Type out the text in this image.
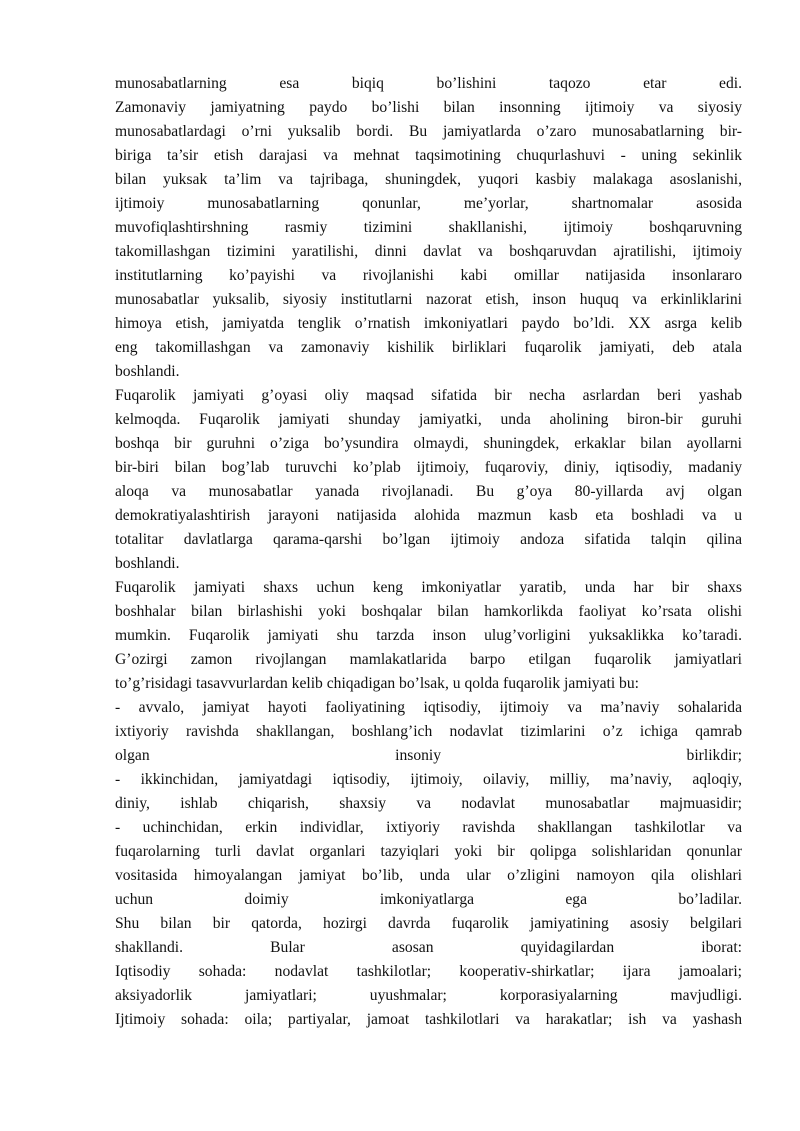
munosabatlarning esa biqiq bo’lishini taqozo etar edi.
Zamonaviy jamiyatning paydo bo’lishi bilan insonning ijtimoiy va siyosiy
munosabatlardagi o’rni yuksalib bordi. Bu jamiyatlarda o’zaro munosabatlarning bir-
biriga ta’sir etish darajasi va mehnat taqsimotining chuqurlashuvi - uning sekinlik
bilan yuksak ta’lim va tajribaga, shuningdek, yuqori kasbiy malakaga asoslanishi,
ijtimoiy munosabatlarning qonunlar, me’yorlar, shartnomalar asosida
muvofiqlashtirshning rasmiy tizimini shakllanishi, ijtimoiy boshqaruvning
takomillashgan tizimini yaratilishi, dinni davlat va boshqaruvdan ajratilishi, ijtimoiy
institutlarning ko’payishi va rivojlanishi kabi omillar natijasida insonlararo
munosabatlar yuksalib, siyosiy institutlarni nazorat etish, inson huquq va erkinliklarini
himoya etish, jamiyatda tenglik o’rnatish imkoniyatlari paydo bo’ldi. XX asrga kelib
eng takomillashgan va zamonaviy kishilik birliklari fuqarolik jamiyati, deb atala
boshlandi.
Fuqarolik jamiyati g’oyasi oliy maqsad sifatida bir necha asrlardan beri yashab
kelmoqda. Fuqarolik jamiyati shunday jamiyatki, unda aholining biron-bir guruhi
boshqa bir guruhni o’ziga bo’ysundira olmaydi, shuningdek, erkaklar bilan ayollarni
bir-biri bilan bog’lab turuvchi ko’plab ijtimoiy, fuqaroviy, diniy, iqtisodiy, madaniy
aloqa va munosabatlar yanada rivojlanadi. Bu g’oya 80-yillarda avj olgan
demokratiyalashtirish jarayoni natijasida alohida mazmun kasb eta boshladi va u
totalitar davlatlarga qarama-qarshi bo’lgan ijtimoiy andoza sifatida talqin qilina
boshlandi.
Fuqarolik jamiyati shaxs uchun keng imkoniyatlar yaratib, unda har bir shaxs
boshhalar bilan birlashishi yoki boshqalar bilan hamkorlikda faoliyat ko’rsata olishi
mumkin. Fuqarolik jamiyati shu tarzda inson ulug’vorligini yuksaklikka ko’taradi.
G’ozirgi zamon rivojlangan mamlakatlarida barpo etilgan fuqarolik jamiyatlari
to’g’risidagi tasavvurlardan kelib chiqadigan bo’lsak, u qolda fuqarolik jamiyati bu:
- avvalo, jamiyat hayoti faoliyatining iqtisodiy, ijtimoiy va ma’naviy sohalarida
ixtiyoriy ravishda shakllangan, boshlang’ich nodavlat tizimlarini o’z ichiga qamrab
olgan insoniy birlikdir;
- ikkinchidan, jamiyatdagi iqtisodiy, ijtimoiy, oilaviy, milliy, ma’naviy, aqloqiy,
diniy, ishlab chiqarish, shaxsiy va nodavlat munosabatlar majmuasidir;
- uchinchidan, erkin individlar, ixtiyoriy ravishda shakllangan tashkilotlar va
fuqarolarning turli davlat organlari tazyiqlari yoki bir qolipga solishlaridan qonunlar
vositasida himoyalangan jamiyat bo’lib, unda ular o’zligini namoyon qila olishlari
uchun doimiy imkoniyatlarga ega bo’ladilar.
Shu bilan bir qatorda, hozirgi davrda fuqarolik jamiyatining asosiy belgilari
shakllandi. Bular asosan quyidagilardan iborat:
Iqtisodiy sohada: nodavlat tashkilotlar; kooperativ-shirkatlar; ijara jamoalari;
aksiyadorlik jamiyatlari; uyushmalar; korporasiyalarning mavjudligi.
Ijtimoiy sohada: oila; partiyalar, jamoat tashkilotlari va harakatlar; ish va yashash
